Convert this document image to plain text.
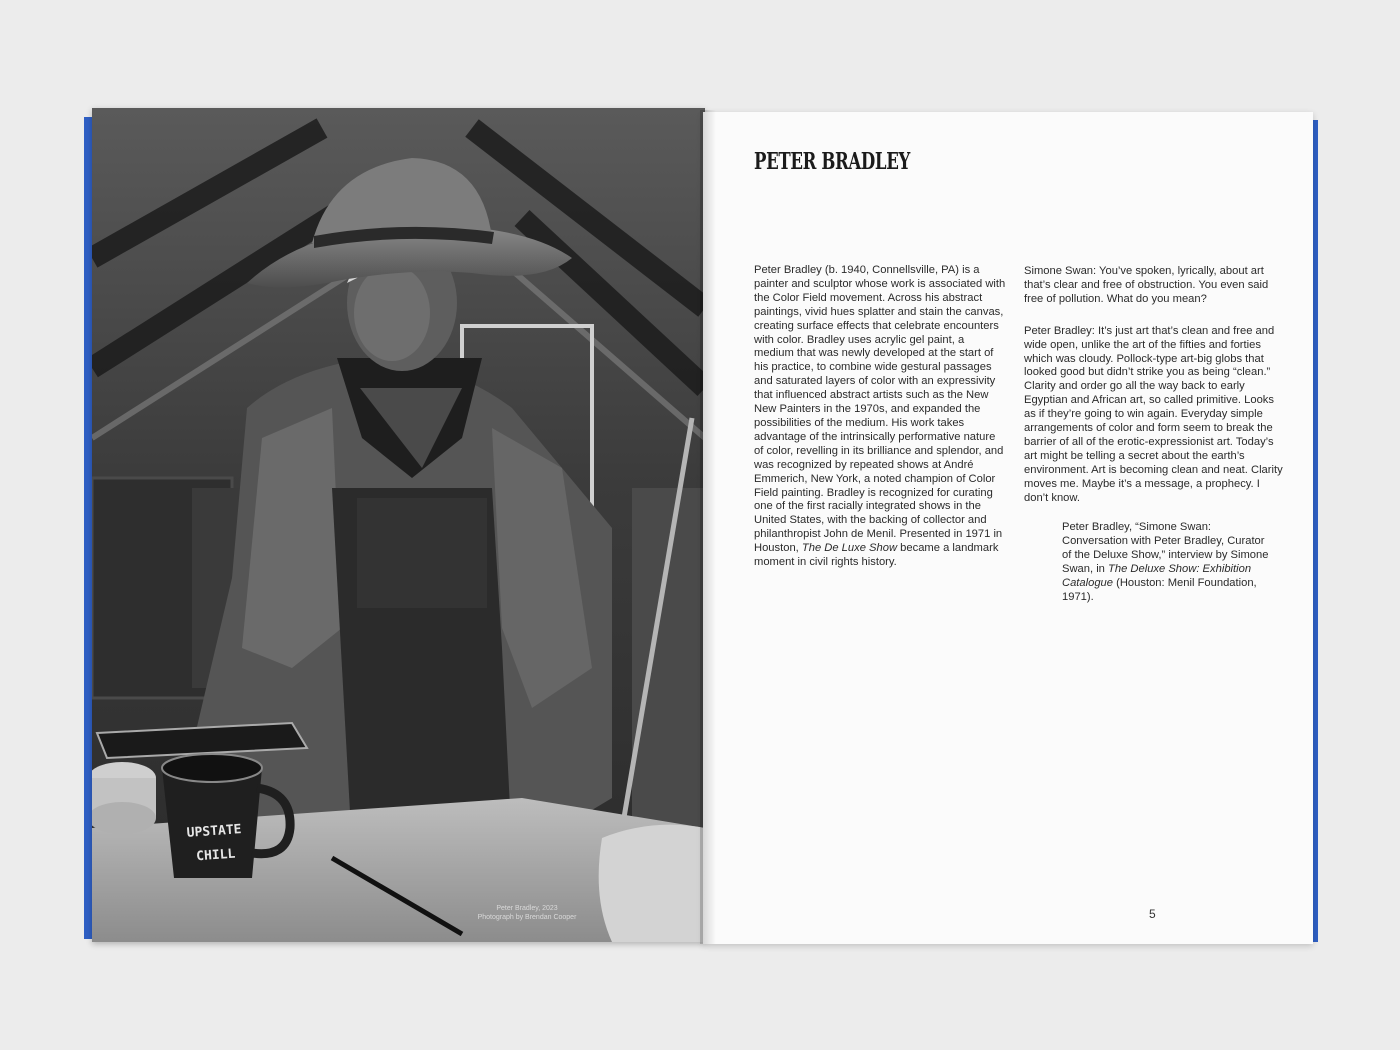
UPSTATE
CHILL
Peter Bradley, 2023
Photograph by Brendan Cooper
PETER BRADLEY
Peter Bradley (b. 1940, Connellsville, PA) is a painter and sculptor whose work is associated with the Color Field movement. Across his abstract paintings, vivid hues splatter and stain the canvas, creating surface effects that celebrate encounters with color. Bradley uses acrylic gel paint, a medium that was newly developed at the start of his practice, to combine wide gestural passages and saturated layers of color with an expressivity that influenced abstract artists such as the New New Painters in the 1970s, and expanded the possibilities of the medium. His work takes advantage of the intrinsically performative nature of color, revelling in its brilliance and splendor, and was recognized by repeated shows at André Emmerich, New York, a noted champion of Color Field painting. Bradley is recognized for curating one of the first racially integrated shows in the United States, with the backing of collector and philanthropist John de Menil. Presented in 1971 in Houston, The De Luxe Show became a landmark moment in civil rights history.

Simone Swan: You’ve spoken, lyrically, about art that’s clear and free of obstruction. You even said free of pollution. What do you mean?

Peter Bradley: It’s just art that’s clean and free and wide open, unlike the art of the fifties and forties which was cloudy. Pollock-type art-big globs that looked good but didn’t strike you as being “clean.” Clarity and order go all the way back to early Egyptian and African art, so called primitive. Looks as if they’re going to win again. Everyday simple arrangements of color and form seem to break the barrier of all of the erotic-expressionist art. Today’s art might be telling a secret about the earth’s environment. Art is becoming clean and neat. Clarity moves me. Maybe it’s a message, a prophecy. I don’t know.

Peter Bradley, “Simone Swan: Conversation with Peter Bradley, Curator of the Deluxe Show,” interview by Simone Swan, in The Deluxe Show: Exhibition Catalogue (Houston: Menil Foundation, 1971).
5
